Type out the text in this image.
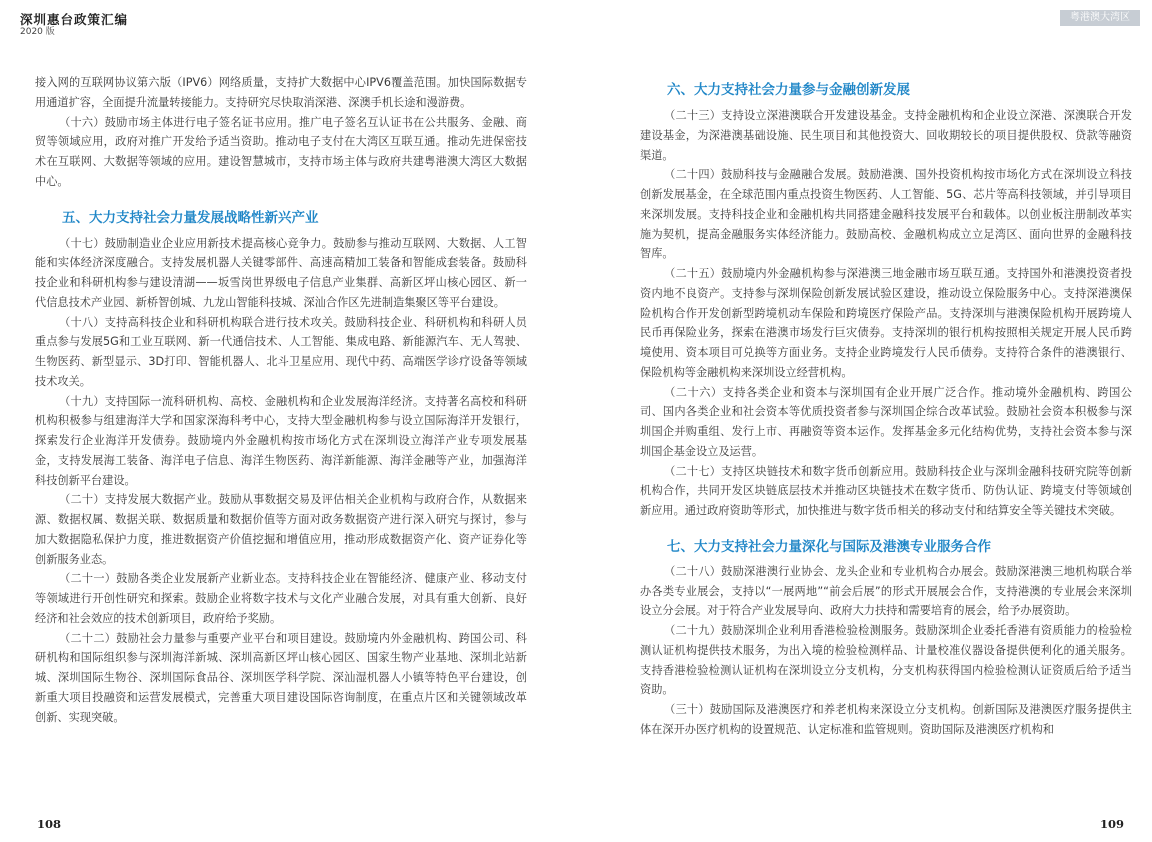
深圳惠台政策汇编
2020 版
粤港澳大湾区

接入网的互联网协议第六版（IPV6）网络质量，支持扩大数据中心IPV6覆盖范围。加快国际数据专用通道扩容，全面提升流量转接能力。支持研究尽快取消深港、深澳手机长途和漫游费。

（十六）鼓励市场主体进行电子签名证书应用。推广电子签名互认证书在公共服务、金融、商贸等领域应用，政府对推广开发给予适当资助。推动电子支付在大湾区互联互通。推动先进保密技术在互联网、大数据等领域的应用。建设智慧城市，支持市场主体与政府共建粤港澳大湾区大数据中心。

五、大力支持社会力量发展战略性新兴产业

（十七）鼓励制造业企业应用新技术提高核心竞争力。鼓励参与推动互联网、大数据、人工智能和实体经济深度融合。支持发展机器人关键零部件、高速高精加工装备和智能成套装备。鼓励科技企业和科研机构参与建设清湖——坂雪岗世界级电子信息产业集群、高新区坪山核心园区、新一代信息技术产业园、新桥智创城、九龙山智能科技城、深汕合作区先进制造集聚区等平台建设。

（十八）支持高科技企业和科研机构联合进行技术攻关。鼓励科技企业、科研机构和科研人员重点参与发展5G和工业互联网、新一代通信技术、人工智能、集成电路、新能源汽车、无人驾驶、生物医药、新型显示、3D打印、智能机器人、北斗卫星应用、现代中药、高端医学诊疗设备等领域技术攻关。

（十九）支持国际一流科研机构、高校、金融机构和企业发展海洋经济。支持著名高校和科研机构积极参与组建海洋大学和国家深海科考中心，支持大型金融机构参与设立国际海洋开发银行，探索发行企业海洋开发债券。鼓励境内外金融机构按市场化方式在深圳设立海洋产业专项发展基金，支持发展海工装备、海洋电子信息、海洋生物医药、海洋新能源、海洋金融等产业，加强海洋科技创新平台建设。

（二十）支持发展大数据产业。鼓励从事数据交易及评估相关企业机构与政府合作，从数据来源、数据权属、数据关联、数据质量和数据价值等方面对政务数据资产进行深入研究与探讨，参与加大数据隐私保护力度，推进数据资产价值挖掘和增值应用，推动形成数据资产化、资产证券化等创新服务业态。

（二十一）鼓励各类企业发展新产业新业态。支持科技企业在智能经济、健康产业、移动支付等领域进行开创性研究和探索。鼓励企业将数字技术与文化产业融合发展，对具有重大创新、良好经济和社会效应的技术创新项目，政府给予奖励。

（二十二）鼓励社会力量参与重要产业平台和项目建设。鼓励境内外金融机构、跨国公司、科研机构和国际组织参与深圳海洋新城、深圳高新区坪山核心园区、国家生物产业基地、深圳北站新城、深圳国际生物谷、深圳国际食品谷、深圳医学科学院、深汕湿机器人小镇等特色平台建设，创新重大项目投融资和运营发展模式，完善重大项目建设国际咨询制度，在重点片区和关键领域改革创新、实现突破。

六、大力支持社会力量参与金融创新发展

（二十三）支持设立深港澳联合开发建设基金。支持金融机构和企业设立深港、深澳联合开发建设基金，为深港澳基础设施、民生项目和其他投资大、回收期较长的项目提供股权、贷款等融资渠道。

（二十四）鼓励科技与金融融合发展。鼓励港澳、国外投资机构按市场化方式在深圳设立科技创新发展基金，在全球范围内重点投资生物医药、人工智能、5G、芯片等高科技领域，并引导项目来深圳发展。支持科技企业和金融机构共同搭建金融科技发展平台和载体。以创业板注册制改革实施为契机，提高金融服务实体经济能力。鼓励高校、金融机构成立立足湾区、面向世界的金融科技智库。

（二十五）鼓励境内外金融机构参与深港澳三地金融市场互联互通。支持国外和港澳投资者投资内地不良资产。支持参与深圳保险创新发展试验区建设，推动设立保险服务中心。支持深港澳保险机构合作开发创新型跨境机动车保险和跨境医疗保险产品。支持深圳与港澳保险机构开展跨境人民币再保险业务，探索在港澳市场发行巨灾债券。支持深圳的银行机构按照相关规定开展人民币跨境使用、资本项目可兑换等方面业务。支持企业跨境发行人民币债券。支持符合条件的港澳银行、保险机构等金融机构来深圳设立经营机构。

（二十六）支持各类企业和资本与深圳国有企业开展广泛合作。推动境外金融机构、跨国公司、国内各类企业和社会资本等优质投资者参与深圳国企综合改革试验。鼓励社会资本积极参与深圳国企并购重组、发行上市、再融资等资本运作。发挥基金多元化结构优势，支持社会资本参与深圳国企基金设立及运营。

（二十七）支持区块链技术和数字货币创新应用。鼓励科技企业与深圳金融科技研究院等创新机构合作，共同开发区块链底层技术并推动区块链技术在数字货币、防伪认证、跨境支付等领域创新应用。通过政府资助等形式，加快推进与数字货币相关的移动支付和结算安全等关键技术突破。

七、大力支持社会力量深化与国际及港澳专业服务合作

（二十八）鼓励深港澳行业协会、龙头企业和专业机构合办展会。鼓励深港澳三地机构联合举办各类专业展会，支持以“一展两地”“前会后展”的形式开展展会合作，支持港澳的专业展会来深圳设立分会展。对于符合产业发展导向、政府大力扶持和需要培育的展会，给予办展资助。

（二十九）鼓励深圳企业利用香港检验检测服务。鼓励深圳企业委托香港有资质能力的检验检测认证机构提供技术服务，为出入境的检验检测样品、计量校准仪器设备提供便利化的通关服务。支持香港检验检测认证机构在深圳设立分支机构，分支机构获得国内检验检测认证资质后给予适当资助。

（三十）鼓励国际及港澳医疗和养老机构来深设立分支机构。创新国际及港澳医疗服务提供主体在深开办医疗机构的设置规范、认定标准和监管规则。资助国际及港澳医疗机构和

108	109
